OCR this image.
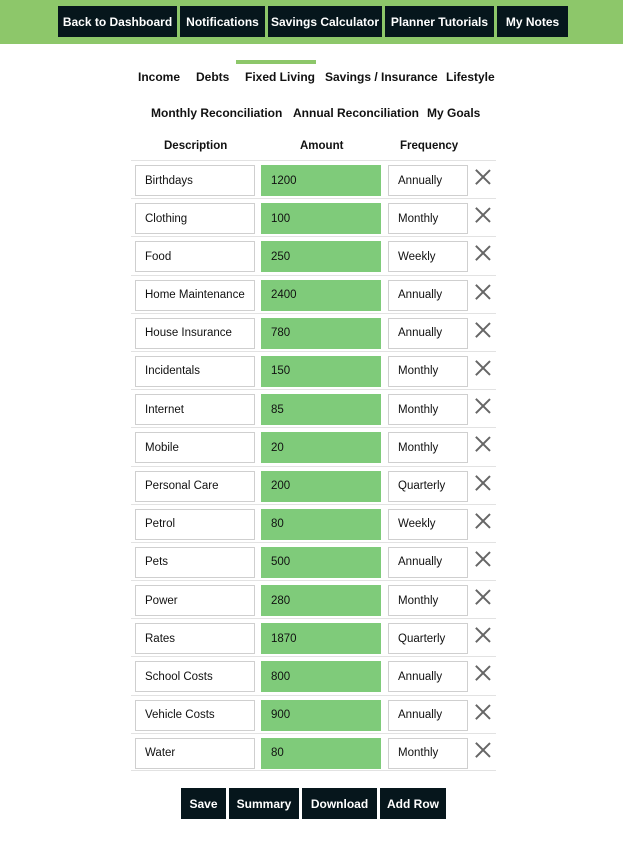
Back to Dashboard	Notifications	Savings Calculator Planner Tutorials	My Notes
Income Debts Fixed Living Savings / Insurance Lifestyle
Monthly Reconciliation Annual Reconciliation My Goals
Description	Amount	Frequency
Birthdays	1200	Annually
Clothing	100	Monthly
Food	250	Weekly
Home Maintenance	2400	Annually
House Insurance	780	Annually
Incidentals	150	Monthly
Internet	85	Monthly
Mobile	20	Monthly
Personal Care	200	Quarterly
Petrol	80	Weekly
Pets	500	Annually
Power	280	Monthly
Rates	1870	Quarterly
School Costs	800	Annually
Vehicle Costs	900	Annually
Water	80	Monthly
Save	Summary	Download	Add Row
